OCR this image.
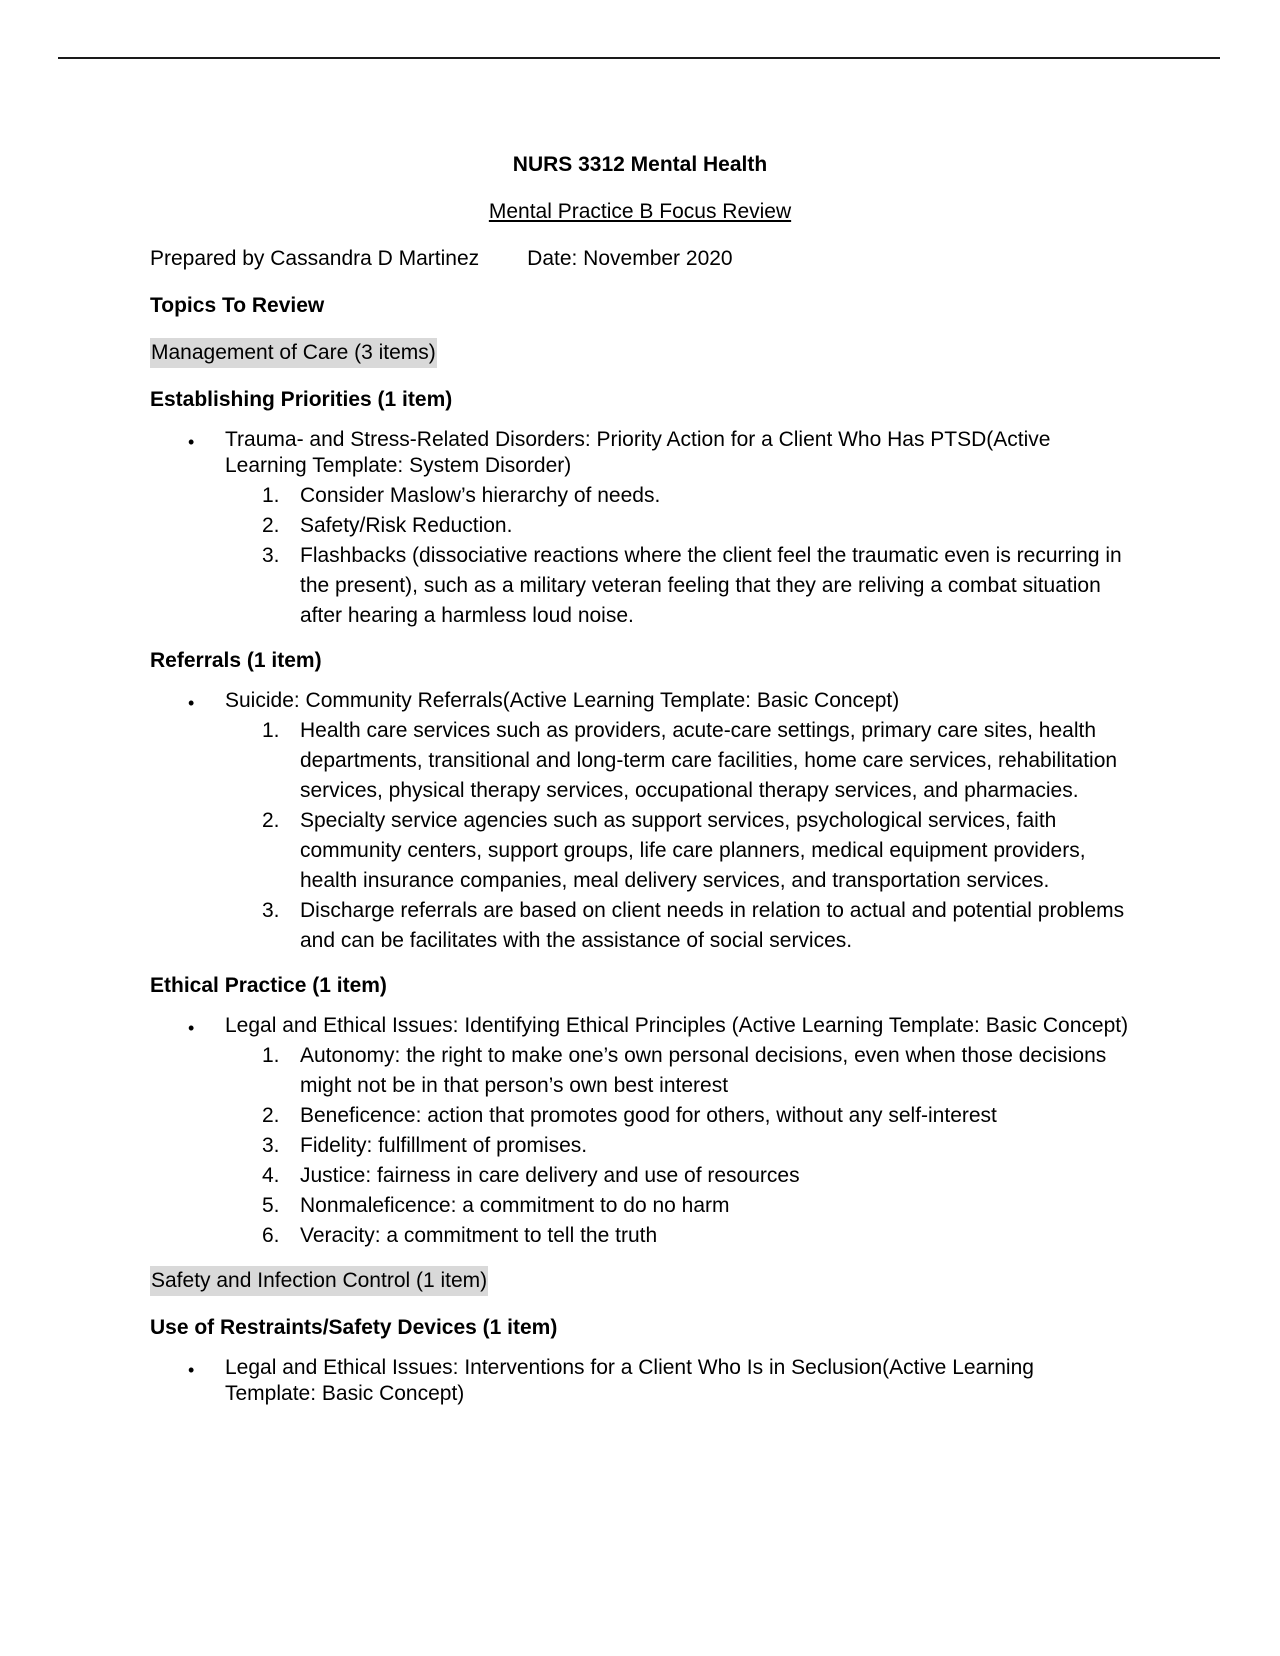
NURS 3312 Mental Health

Mental Practice B Focus Review

Prepared by Cassandra D Martinez Date: November 2020

Topics To Review

Management of Care (3 items)

Establishing Priorities (1 item)

• Trauma- and Stress-Related Disorders: Priority Action for a Client Who Has PTSD(Active Learning Template: System Disorder)
1. Consider Maslow’s hierarchy of needs.
2. Safety/Risk Reduction.
3. Flashbacks (dissociative reactions where the client feel the traumatic even is recurring in the present), such as a military veteran feeling that they are reliving a combat situation after hearing a harmless loud noise.

Referrals (1 item)

• Suicide: Community Referrals(Active Learning Template: Basic Concept)
1. Health care services such as providers, acute-care settings, primary care sites, health departments, transitional and long-term care facilities, home care services, rehabilitation services, physical therapy services, occupational therapy services, and pharmacies.
2. Specialty service agencies such as support services, psychological services, faith community centers, support groups, life care planners, medical equipment providers, health insurance companies, meal delivery services, and transportation services.
3. Discharge referrals are based on client needs in relation to actual and potential problems and can be facilitates with the assistance of social services.

Ethical Practice (1 item)

• Legal and Ethical Issues: Identifying Ethical Principles (Active Learning Template: Basic Concept)
1. Autonomy: the right to make one’s own personal decisions, even when those decisions might not be in that person’s own best interest
2. Beneficence: action that promotes good for others, without any self-interest
3. Fidelity: fulfillment of promises.
4. Justice: fairness in care delivery and use of resources
5. Nonmaleficence: a commitment to do no harm
6. Veracity: a commitment to tell the truth

Safety and Infection Control (1 item)

Use of Restraints/Safety Devices (1 item)

• Legal and Ethical Issues: Interventions for a Client Who Is in Seclusion(Active Learning Template: Basic Concept)
